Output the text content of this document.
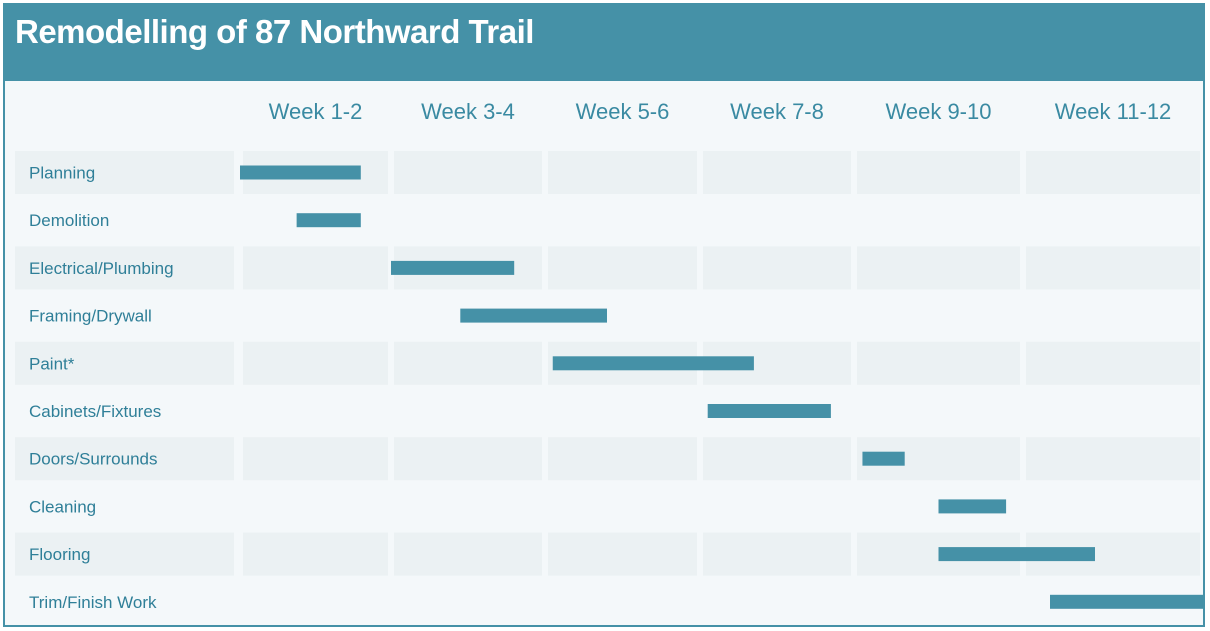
Remodelling of 87 Northward Trail
Week 1-2	Week 3-4	Week 5-6	Week 7-8	Week 9-10	Week 11-12
Planning
Demolition
Electrical/Plumbing
Framing/Drywall
Paint*
Cabinets/Fixtures
Doors/Surrounds
Cleaning
Flooring
Trim/Finish Work
